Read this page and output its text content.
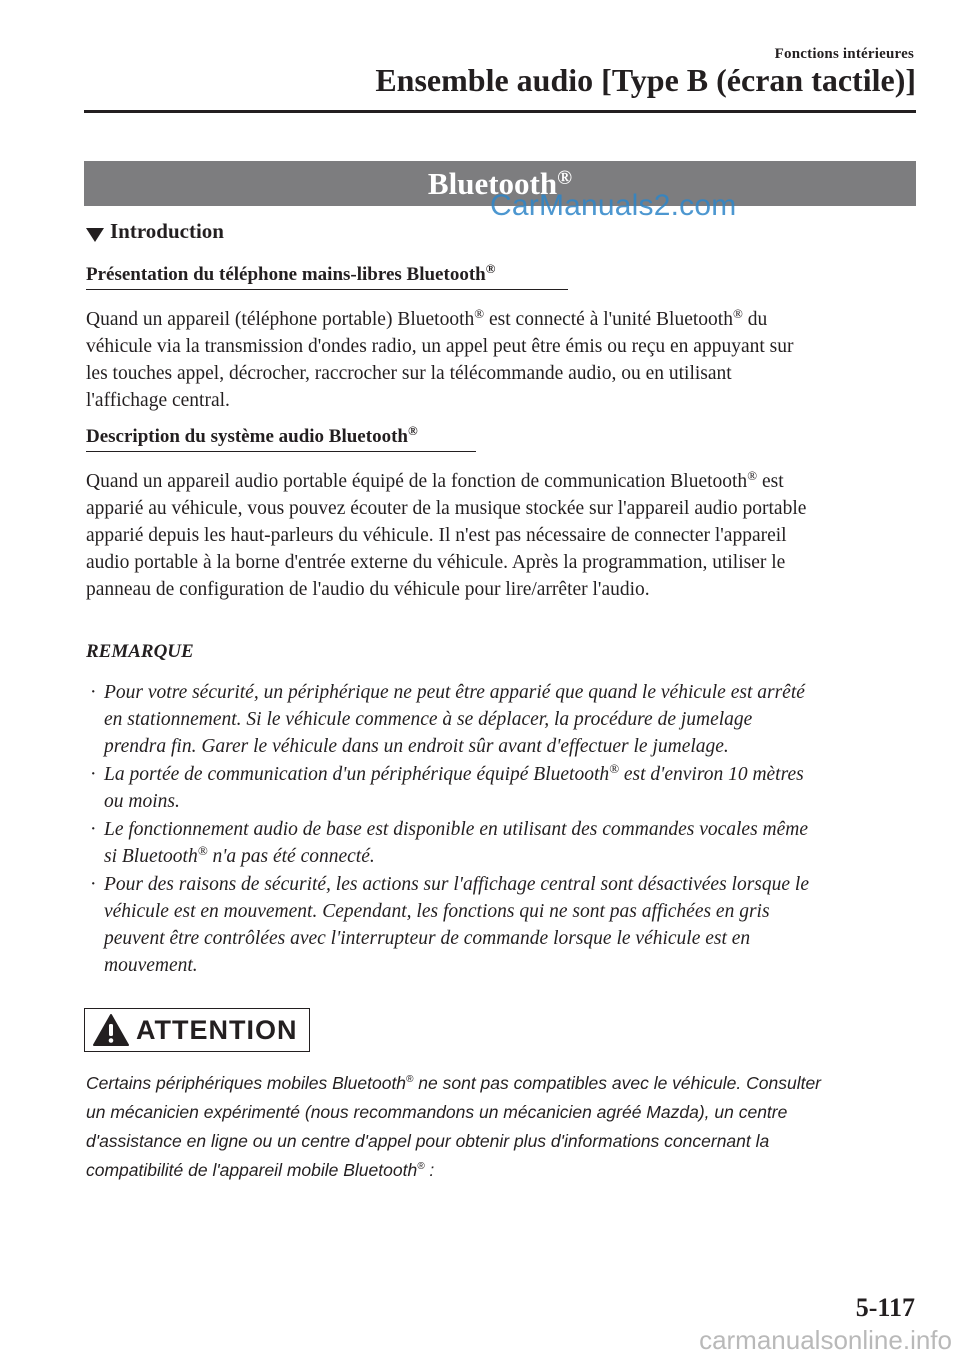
Fonctions intérieures
Ensemble audio [Type B (écran tactile)]
Bluetooth®
CarManuals2.com
Introduction
Présentation du téléphone mains-libres Bluetooth®
Quand un appareil (téléphone portable) Bluetooth® est connecté à l'unité Bluetooth® du
véhicule via la transmission d'ondes radio, un appel peut être émis ou reçu en appuyant sur
les touches appel, décrocher, raccrocher sur la télécommande audio, ou en utilisant
l'affichage central.
Description du système audio Bluetooth®
Quand un appareil audio portable équipé de la fonction de communication Bluetooth® est
apparié au véhicule, vous pouvez écouter de la musique stockée sur l'appareil audio portable
apparié depuis les haut-parleurs du véhicule. Il n'est pas nécessaire de connecter l'appareil
audio portable à la borne d'entrée externe du véhicule. Après la programmation, utiliser le
panneau de configuration de l'audio du véhicule pour lire/arrêter l'audio.
REMARQUE
· Pour votre sécurité, un périphérique ne peut être apparié que quand le véhicule est arrêté
en stationnement. Si le véhicule commence à se déplacer, la procédure de jumelage
prendra fin. Garer le véhicule dans un endroit sûr avant d'effectuer le jumelage.
· La portée de communication d'un périphérique équipé Bluetooth® est d'environ 10 mètres
ou moins.
· Le fonctionnement audio de base est disponible en utilisant des commandes vocales même
si Bluetooth® n'a pas été connecté.
· Pour des raisons de sécurité, les actions sur l'affichage central sont désactivées lorsque le
véhicule est en mouvement. Cependant, les fonctions qui ne sont pas affichées en gris
peuvent être contrôlées avec l'interrupteur de commande lorsque le véhicule est en
mouvement.
ATTENTION
Certains périphériques mobiles Bluetooth® ne sont pas compatibles avec le véhicule. Consulter
un mécanicien expérimenté (nous recommandons un mécanicien agréé Mazda), un centre
d'assistance en ligne ou un centre d'appel pour obtenir plus d'informations concernant la
compatibilité de l'appareil mobile Bluetooth® :
5-117
carmanualsonline.info
